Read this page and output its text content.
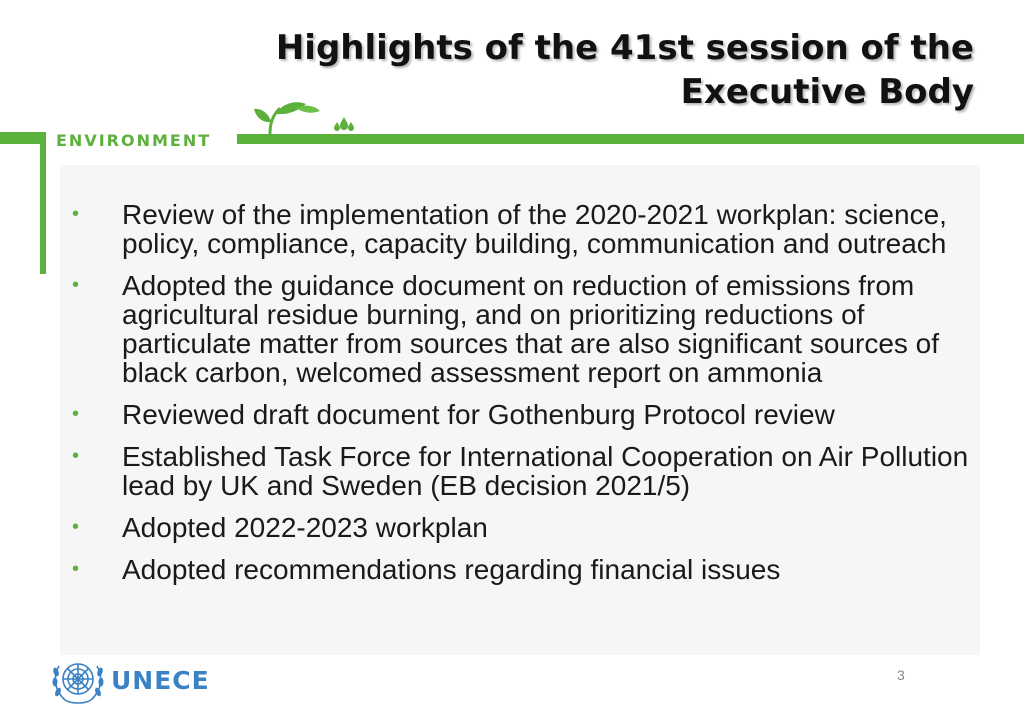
Highlights of the 41st session of the
Executive Body
ENVIRONMENT
• Review of the implementation of the 2020-2021 workplan: science, policy, compliance, capacity building, communication and outreach
• Adopted the guidance document on reduction of emissions from agricultural residue burning, and on prioritizing reductions of particulate matter from sources that are also significant sources of black carbon, welcomed assessment report on ammonia
• Reviewed draft document for Gothenburg Protocol review
• Established Task Force for International Cooperation on Air Pollution lead by UK and Sweden (EB decision 2021/5)
• Adopted 2022-2023 workplan
• Adopted recommendations regarding financial issues
UNECE	3
